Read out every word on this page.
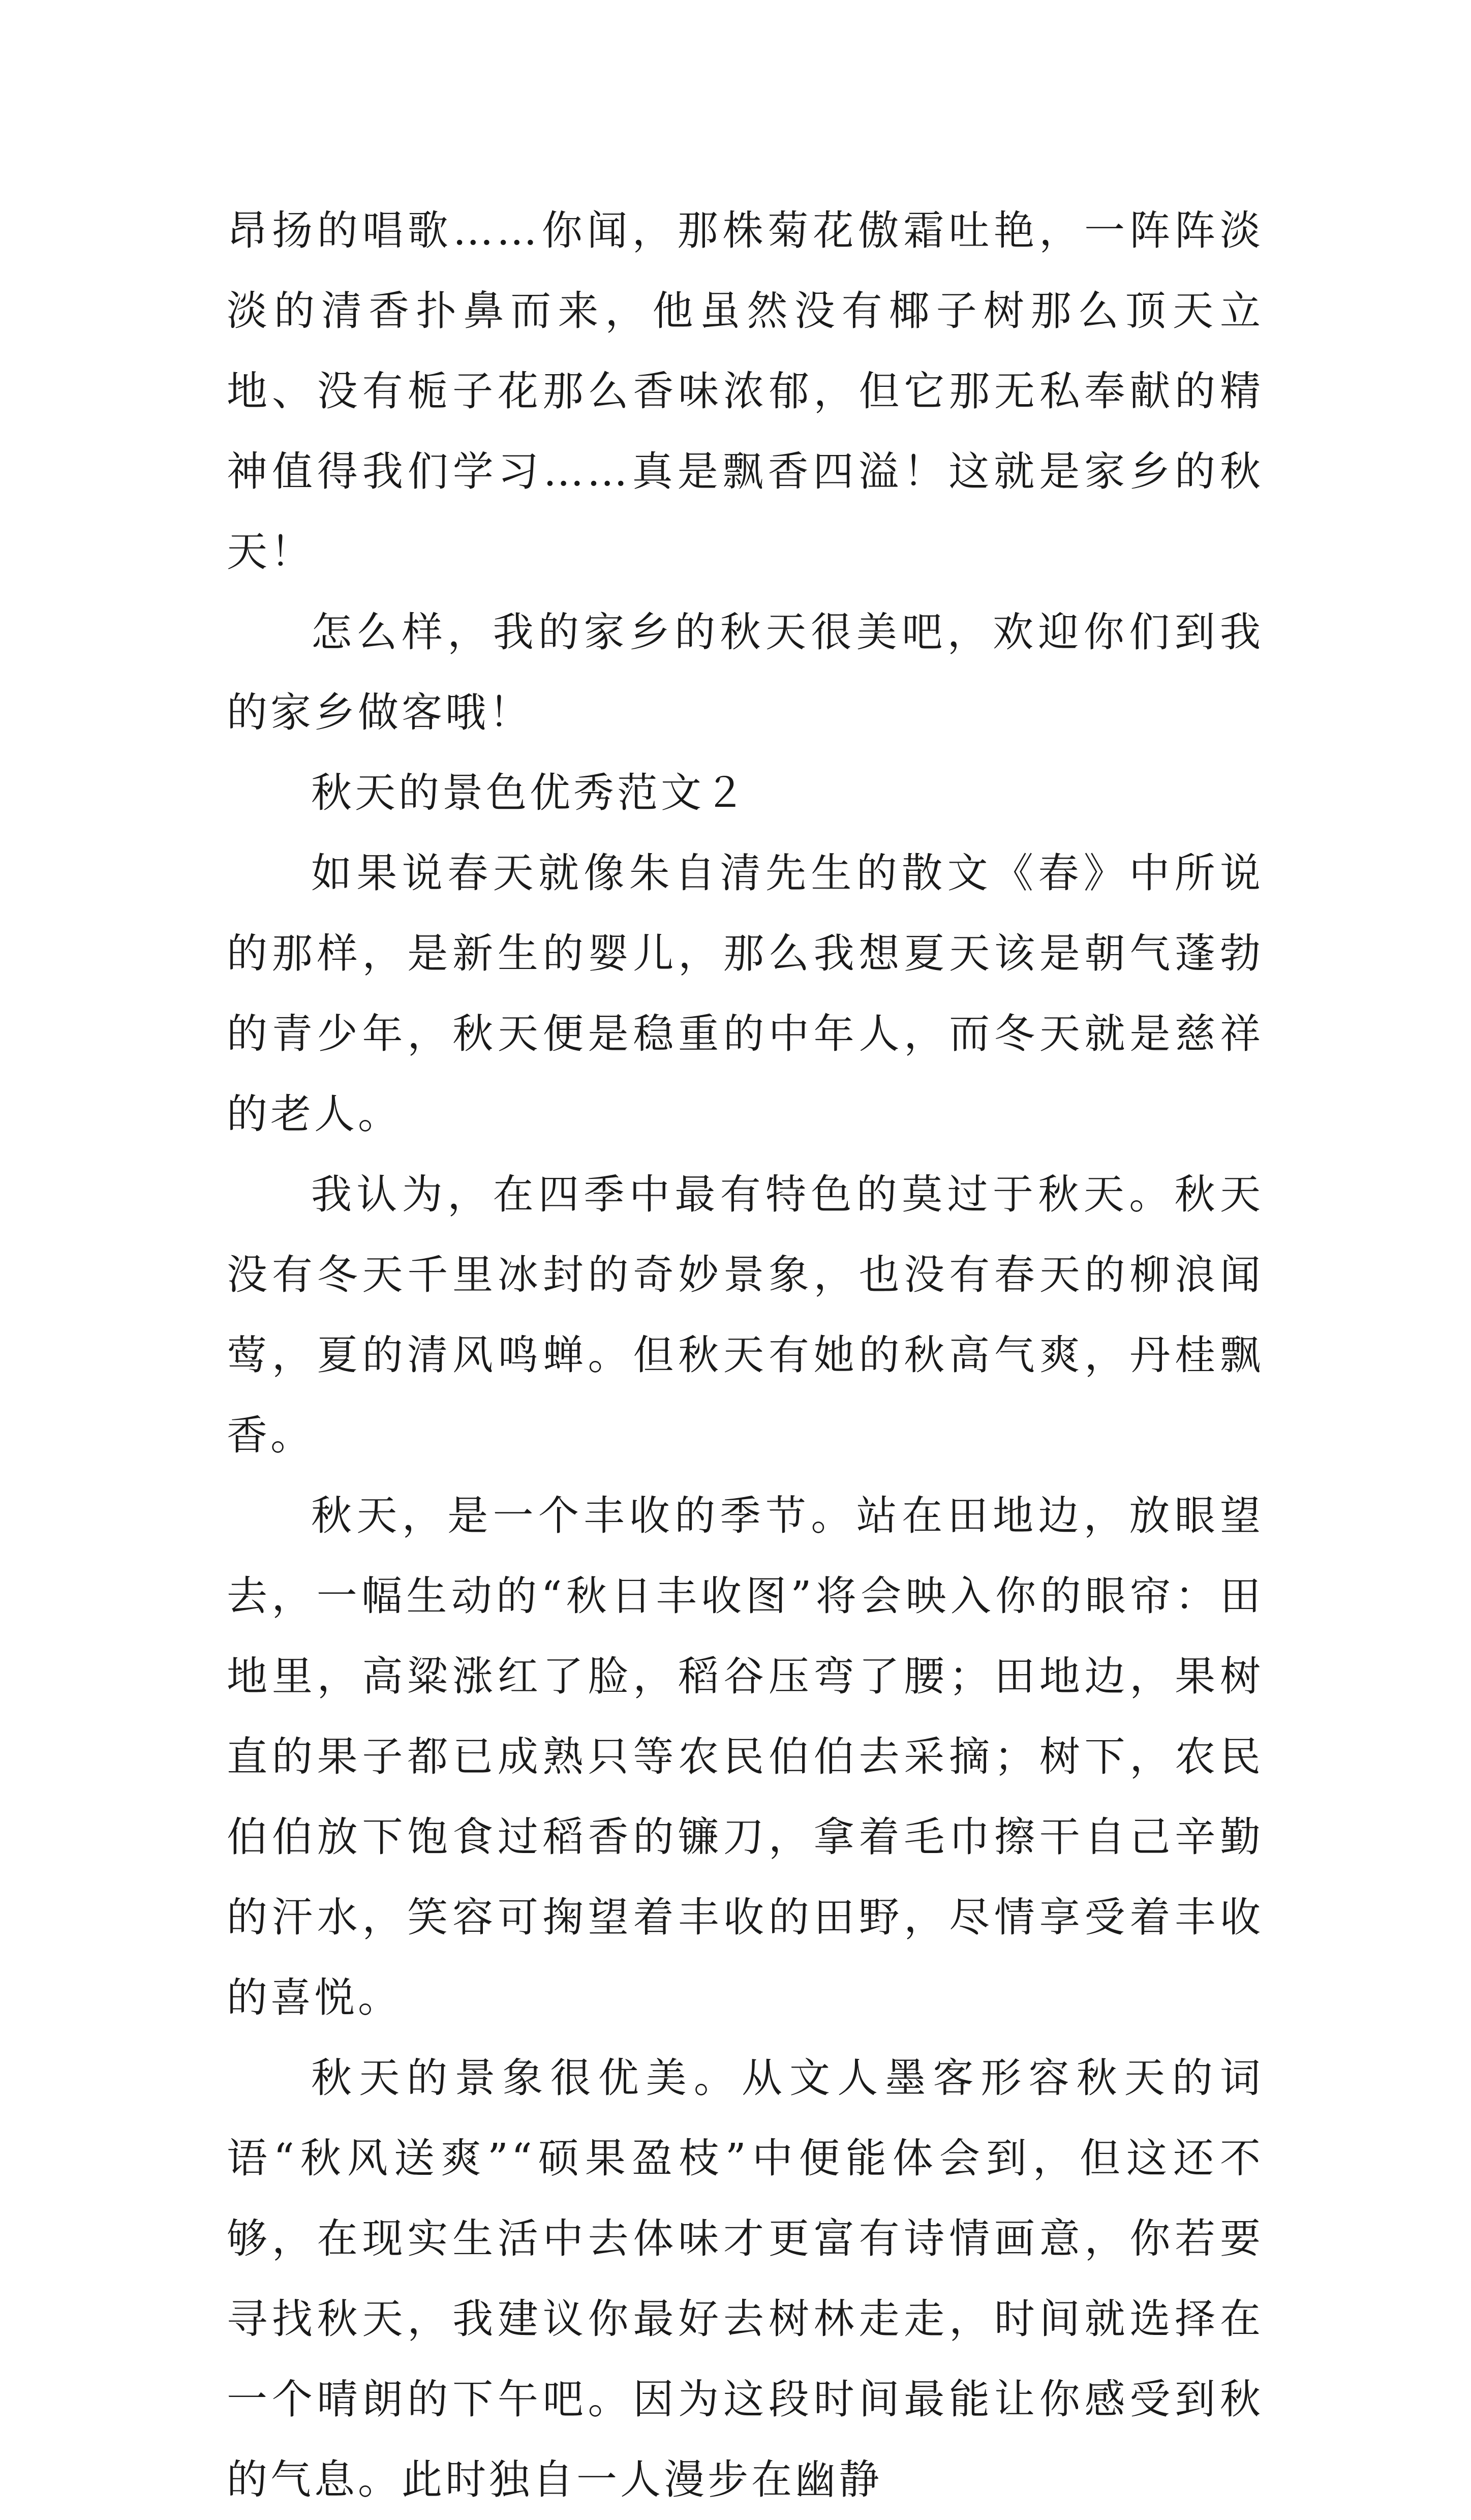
昂扬的唱歌……你闻，那株菊花傲霜吐艳，一阵阵淡淡的清香扑鼻而来，他虽然没有椰子树那么顶天立地、没有栀子花那么香味浓郁，但它那无私奉献的精神值得我们学习……真是飘香四溢！这就是家乡的秋天！

怎么样，我的家乡的秋天很美吧，欢迎你们到我的家乡做客哦！

秋天的景色优秀范文２

如果说春天就像朱自清先生的散文《春》中所说的那样，是新生的婴儿，那么我想夏天该是朝气蓬勃的青少年，秋天便是稳重的中年人，而冬天就是慈祥的老人。

我认为，在四季中最有特色的莫过于秋天。秋天没有冬天千里冰封的奇妙景象，也没有春天的柳浪闻莺，夏的清风鸣蝉。但秋天有她的秋高气爽，丹桂飘香。

秋天，是一个丰收的季节。站在田地边，放眼望去，一幅生动的“秋日丰收图”将会映入你的眼帘：田地里，高粱涨红了脸，稻谷压弯了腰；田地边，果树直的果子都已成熟只等农民伯伯去采摘；树下，农民伯伯放下饱食过稻香的镰刀，拿着毛巾擦干自己辛勤的汗水，笑容可掬望着丰收的田野，尽情享受着丰收的喜悦。

秋天的景象很优美。从文人墨客形容秋天的词语“秋风送爽”“硕果盈枝”中便能体会到，但这还不够，在现实生活中去体味才更富有诗情画意，你若要寻找秋天，我建议你最好去树林走走，时间就选择在一个晴朗的下午吧。因为这段时间最能让你感受到秋的气息。此时独自一人漫步在幽静
